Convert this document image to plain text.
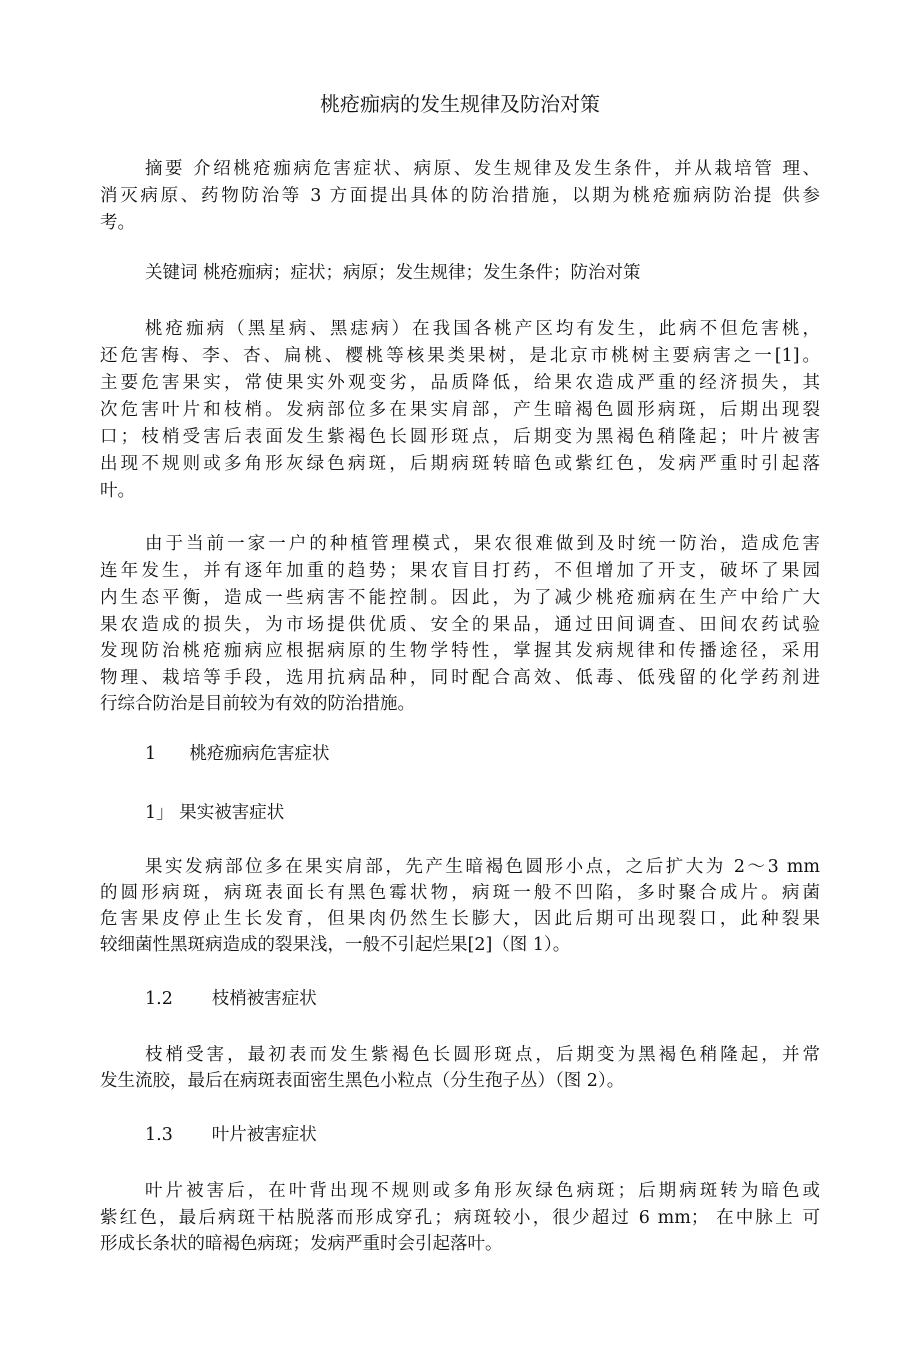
桃疮痂病的发生规律及防治对策
摘要 介绍桃疮痂病危害症状、病原、发生规律及发生条件，并从栽培管 理、
消灭病原、药物防治等 3 方面提出具体的防治措施，以期为桃疮痂病防治提 供参
考。
关键词 桃疮痂病；症状；病原；发生规律；发生条件；防治对策
桃疮痂病（黑星病、黑痣病）在我国各桃产区均有发生，此病不但危害桃，
还危害梅、李、杏、扁桃、樱桃等核果类果树，是北京市桃树主要病害之一[1]。
主要危害果实，常使果实外观变劣，品质降低，给果农造成严重的经济损失，其
次危害叶片和枝梢。发病部位多在果实肩部，产生暗褐色圆形病斑，后期出现裂
口；枝梢受害后表面发生紫褐色长圆形斑点，后期变为黑褐色稍隆起；叶片被害
出现不规则或多角形灰绿色病斑，后期病斑转暗色或紫红色，发病严重时引起落
叶。
由于当前一家一户的种植管理模式，果农很难做到及时统一防治，造成危害
连年发生，并有逐年加重的趋势；果农盲目打药，不但增加了开支，破坏了果园
内生态平衡，造成一些病害不能控制。因此，为了减少桃疮痂病在生产中给广大
果农造成的损失，为市场提供优质、安全的果品，通过田间调查、田间农药试验
发现防治桃疮痂病应根据病原的生物学特性，掌握其发病规律和传播途径，采用
物理、栽培等手段，选用抗病品种，同时配合高效、低毒、低残留的化学药剂进
行综合防治是目前较为有效的防治措施。
1      桃疮痂病危害症状
1」 果实被害症状
果实发病部位多在果实肩部，先产生暗褐色圆形小点，之后扩大为 2～3 mm
的圆形病斑，病斑表面长有黑色霉状物，病斑一般不凹陷，多时聚合成片。病菌
危害果皮停止生长发育，但果肉仍然生长膨大，因此后期可出现裂口，此种裂果
较细菌性黑斑病造成的裂果浅，一般不引起烂果[2]（图 1）。
1.2       枝梢被害症状
枝梢受害，最初表而发生紫褐色长圆形斑点，后期变为黑褐色稍隆起，并常
发生流胶，最后在病斑表面密生黑色小粒点（分生孢子丛）（图 2）。
1.3       叶片被害症状
叶片被害后，在叶背出现不规则或多角形灰绿色病斑；后期病斑转为暗色或
紫红色，最后病斑干枯脱落而形成穿孔；病斑较小，很少超过 6 mm； 在中脉上 可
形成长条状的暗褐色病斑；发病严重时会引起落叶。
